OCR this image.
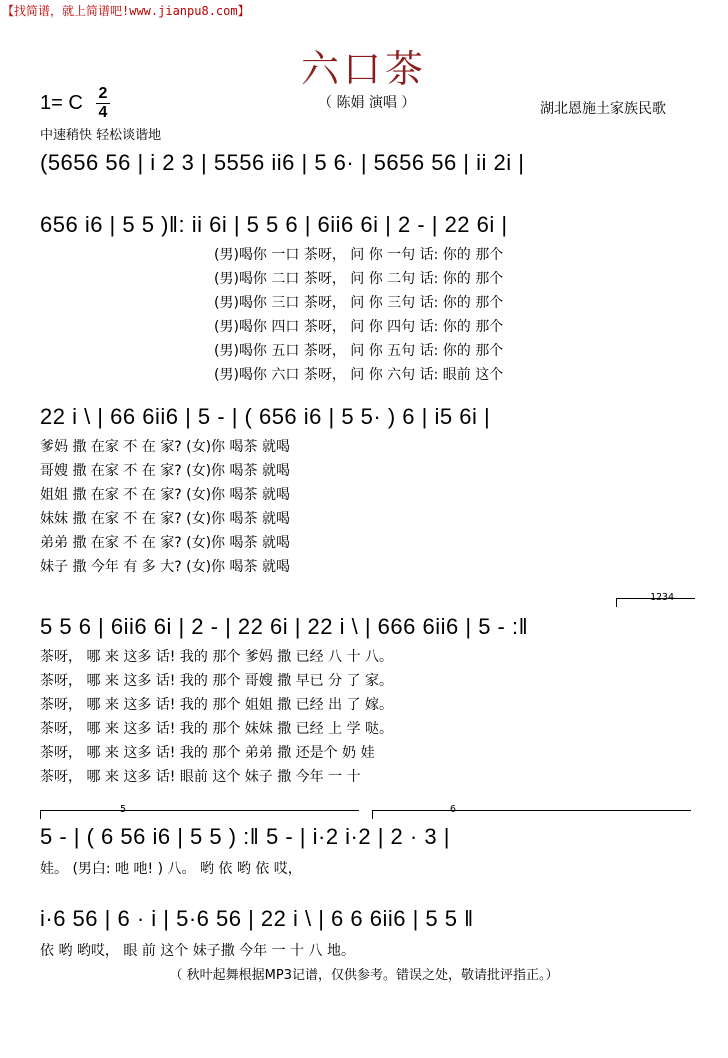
【找简谱，就上简谱吧!www.jianpu8.com】
六口茶
1= C 2
4
（ 陈娟 演唱 ）	湖北恩施土家族民歌
中速稍快 轻松谈谐地
(5656 56 | i 2 3 | 5556 ii6 | 5 6· | 5656 56 | ii 2i |
656 i6 | 5 5 )‖: ii 6i | 5 5 6 | 6ii6 6i | 2 - | 22 6i |
(男)喝你 一口 茶呀， 问 你 一句 话: 你的 那个
(男)喝你 二口 茶呀， 问 你 二句 话: 你的 那个
(男)喝你 三口 茶呀， 问 你 三句 话: 你的 那个
(男)喝你 四口 茶呀， 问 你 四句 话: 你的 那个
(男)喝你 五口 茶呀， 问 你 五句 话: 你的 那个
(男)喝你 六口 茶呀， 问 你 六句 话: 眼前 这个
22 i \ | 66 6ii6 | 5 - | ( 656 i6 | 5 5· ) 6 | i5 6i |
爹妈 撒 在家 不 在 家? (女)你 喝茶 就喝
哥嫂 撒 在家 不 在 家? (女)你 喝茶 就喝
姐姐 撒 在家 不 在 家? (女)你 喝茶 就喝
妹妹 撒 在家 不 在 家? (女)你 喝茶 就喝
弟弟 撒 在家 不 在 家? (女)你 喝茶 就喝
妹子 撒 今年 有 多 大? (女)你 喝茶 就喝
1234
5 5 6 | 6ii6 6i | 2 - | 22 6i | 22 i \ | 666 6ii6 | 5 - :‖
茶呀， 哪 来 这多 话! 我的 那个 爹妈 撒 已经 八 十 八。
茶呀， 哪 来 这多 话! 我的 那个 哥嫂 撒 早已 分 了 家。
茶呀， 哪 来 这多 话! 我的 那个 姐姐 撒 已经 出 了 嫁。
茶呀， 哪 来 这多 话! 我的 那个 妹妹 撒 已经 上 学 哒。
茶呀， 哪 来 这多 话! 我的 那个 弟弟 撒 还是个 奶 娃
茶呀， 哪 来 这多 话! 眼前 这个 妹子 撒 今年 一 十
5	6
5 - | ( 6 56 i6 | 5 5 ) :‖ 5 - | i·2 i·2 | 2 · 3 |
娃。 (男白: 吔 吔! ) 八。 哟 依 哟 依 哎，
i·6 56 | 6 · i | 5·6 56 | 22 i \ | 6 6 6ii6 | 5 5 ‖
依 哟 哟哎， 眼 前 这个 妹子撒 今年 一 十 八 地。
（ 秋叶起舞根据MP3记谱，仅供参考。错误之处，敬请批评指正。）
